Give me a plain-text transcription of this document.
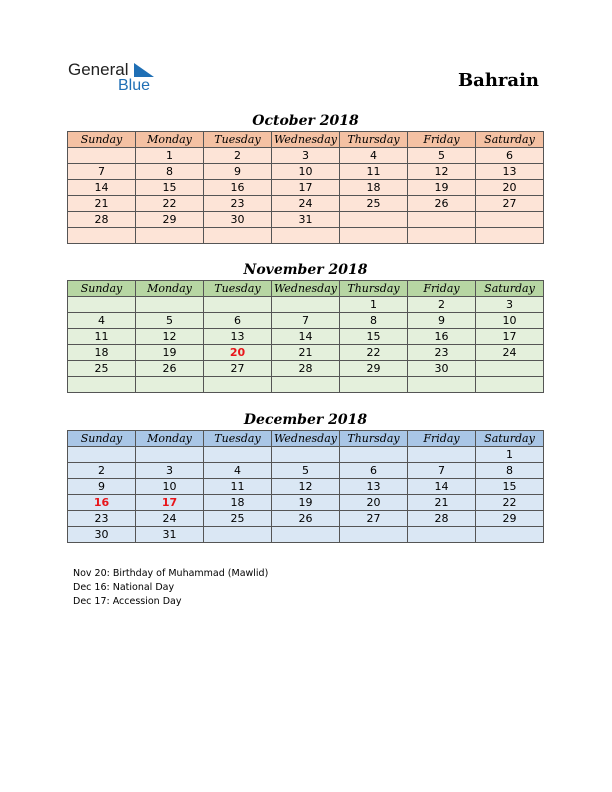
General
Blue	Bahrain
October 2018
Sunday	Monday	Tuesday	Wednesday	Thursday	Friday	Saturday
	1	2	3	4	5	6
7	8	9	10	11	12	13
14	15	16	17	18	19	20
21	22	23	24	25	26	27
28	29	30	31			

November 2018
Sunday	Monday	Tuesday	Wednesday	Thursday	Friday	Saturday
				1	2	3
4	5	6	7	8	9	10
11	12	13	14	15	16	17
18	19	20	21	22	23	24
25	26	27	28	29	30	

December 2018
Sunday	Monday	Tuesday	Wednesday	Thursday	Friday	Saturday
						1
2	3	4	5	6	7	8
9	10	11	12	13	14	15
16	17	18	19	20	21	22
23	24	25	26	27	28	29
30	31					
Nov 20: Birthday of Muhammad (Mawlid)
Dec 16: National Day
Dec 17: Accession Day
